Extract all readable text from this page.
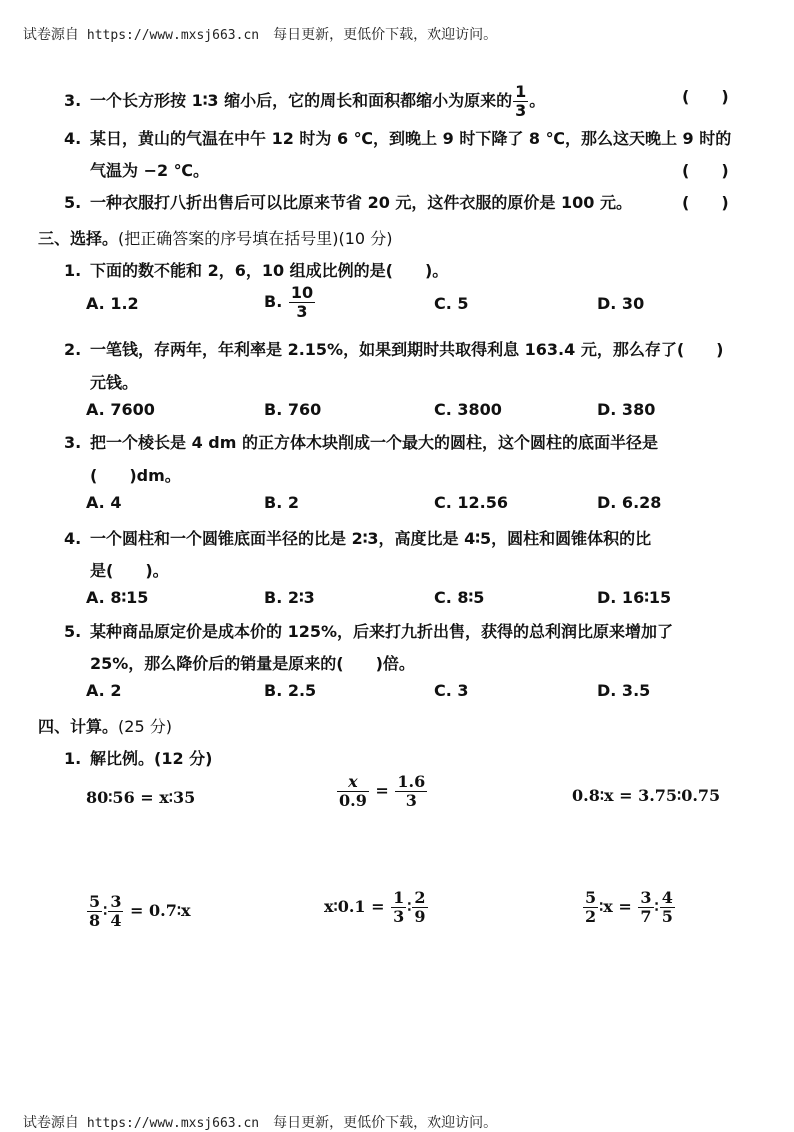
试卷源自 https://www.mxsj663.cn 每日更新，更低价下载，欢迎访问。

3. 一个长方形按 1∶3 缩小后，它的周长和面积都缩小为原来的 $\frac{1}{3}$ 。	(　　)
4. 某日，黄山的气温在中午 12 时为 6 ℃，到晚上 9 时下降了 8 ℃，那么这天晚上 9 时的
气温为 −2 ℃。	(　　)
5. 一种衣服打八折出售后可以比原来节省 20 元，这件衣服的原价是 100 元。	(　　)
三、选择。(把正确答案的序号填在括号里)(10 分)
1. 下面的数不能和 2，6，10 组成比例的是(　　)。
A. 1.2	B. $\frac{10}{3}$	C. 5	D. 30
2. 一笔钱，存两年，年利率是 2.15%，如果到期时共取得利息 163.4 元，那么存了(　　)
元钱。
A. 7600	B. 760	C. 3800	D. 380
3. 把一个棱长是 4 dm 的正方体木块削成一个最大的圆柱，这个圆柱的底面半径是
(　　)dm。
A. 4	B. 2	C. 12.56	D. 6.28
4. 一个圆柱和一个圆锥底面半径的比是 2∶3，高度比是 4∶5，圆柱和圆锥体积的比
是(　　)。
A. 8∶15	B. 2∶3	C. 8∶5	D. 16∶15
5. 某种商品原定价是成本价的 125%，后来打九折出售，获得的总利润比原来增加了
25%，那么降价后的销量是原来的(　　)倍。
A. 2	B. 2.5	C. 3	D. 3.5
四、计算。(25 分)
1. 解比例。(12 分)
80∶56 = x∶35	$\frac{x}{0.9} = \frac{1.6}{3}$	0.8∶x = 3.75∶0.75
$\frac{5}{8}$ ∶ $\frac{3}{4}$ = 0.7∶x	x∶0.1 = $\frac{1}{3}$ ∶ $\frac{2}{9}$	$\frac{5}{2}$ ∶x = $\frac{3}{7}$ ∶ $\frac{4}{5}$

试卷源自 https://www.mxsj663.cn 每日更新，更低价下载，欢迎访问。
